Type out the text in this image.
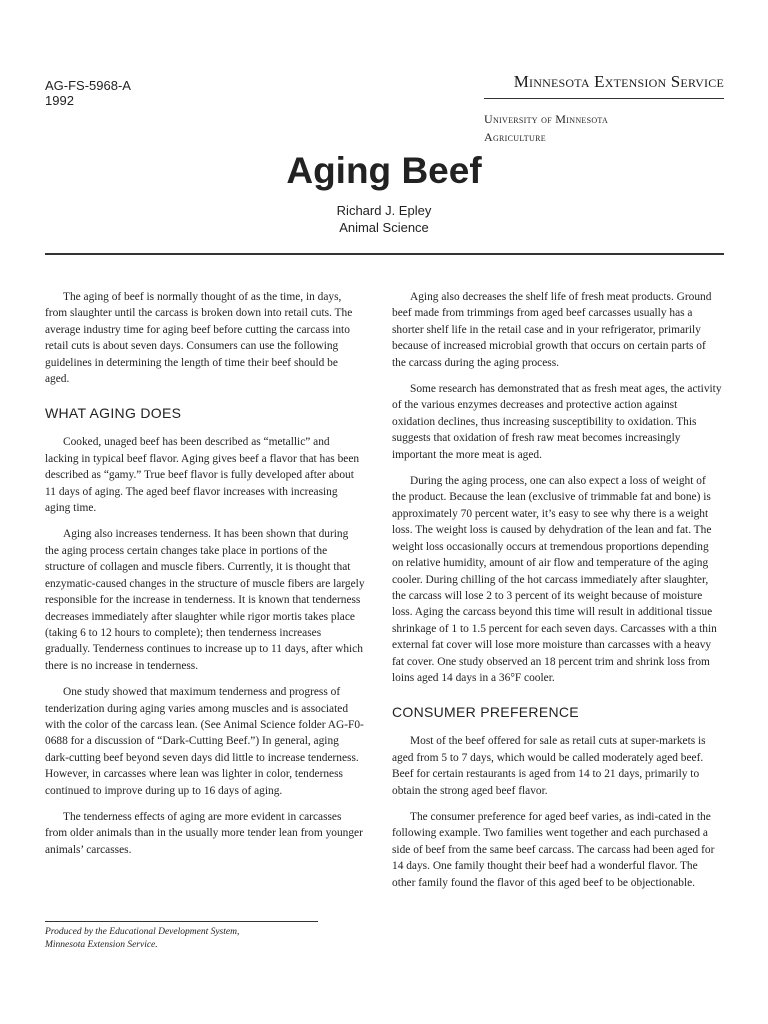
AG-FS-5968-A
1992
Minnesota Extension Service
University of Minnesota
Agriculture
Aging Beef
Richard J. Epley
Animal Science

The aging of beef is normally thought of as the time, in days, from slaughter until the carcass is broken down into retail cuts. The average industry time for aging beef before cutting the carcass into retail cuts is about seven days. Consumers can use the following guidelines in determining the length of time their beef should be aged.

WHAT AGING DOES

Cooked, unaged beef has been described as “metallic” and lacking in typical beef flavor. Aging gives beef a flavor that has been described as “gamy.” True beef flavor is fully developed after about 11 days of aging. The aged beef flavor increases with increasing aging time.

Aging also increases tenderness. It has been shown that during the aging process certain changes take place in portions of the structure of collagen and muscle fibers. Currently, it is thought that enzymatic-caused changes in the structure of muscle fibers are largely responsible for the increase in tenderness. It is known that tenderness decreases immediately after slaughter while rigor mortis takes place (taking 6 to 12 hours to complete); then tenderness increases gradually. Tenderness continues to increase up to 11 days, after which there is no increase in tenderness.

One study showed that maximum tenderness and progress of tenderization during aging varies among muscles and is associated with the color of the carcass lean. (See Animal Science folder AG-F0-0688 for a discussion of “Dark-Cutting Beef.”) In general, aging dark-cutting beef beyond seven days did little to increase tenderness. However, in carcasses where lean was lighter in color, tenderness continued to improve during up to 16 days of aging.

The tenderness effects of aging are more evident in carcasses from older animals than in the usually more tender lean from younger animals’ carcasses.

Aging also decreases the shelf life of fresh meat products. Ground beef made from trimmings from aged beef carcasses usually has a shorter shelf life in the retail case and in your refrigerator, primarily because of increased microbial growth that occurs on certain parts of the carcass during the aging process.

Some research has demonstrated that as fresh meat ages, the activity of the various enzymes decreases and protective action against oxidation declines, thus increasing susceptibility to oxidation. This suggests that oxidation of fresh raw meat becomes increasingly important the more meat is aged.

During the aging process, one can also expect a loss of weight of the product. Because the lean (exclusive of trimmable fat and bone) is approximately 70 percent water, it’s easy to see why there is a weight loss. The weight loss is caused by dehydration of the lean and fat. The weight loss occasionally occurs at tremendous proportions depending on relative humidity, amount of air flow and temperature of the aging cooler. During chilling of the hot carcass immediately after slaughter, the carcass will lose 2 to 3 percent of its weight because of moisture loss. Aging the carcass beyond this time will result in additional tissue shrinkage of 1 to 1.5 percent for each seven days. Carcasses with a thin external fat cover will lose more moisture than carcasses with a heavy fat cover. One study observed an 18 percent trim and shrink loss from loins aged 14 days in a 36°F cooler.

CONSUMER PREFERENCE

Most of the beef offered for sale as retail cuts at super-markets is aged from 5 to 7 days, which would be called moderately aged beef. Beef for certain restaurants is aged from 14 to 21 days, primarily to obtain the strong aged beef flavor.

The consumer preference for aged beef varies, as indi-cated in the following example. Two families went together and each purchased a side of beef from the same beef carcass. The carcass had been aged for 14 days. One family thought their beef had a wonderful flavor. The other family found the flavor of this aged beef to be objectionable.

Produced by the Educational Development System,
Minnesota Extension Service.
